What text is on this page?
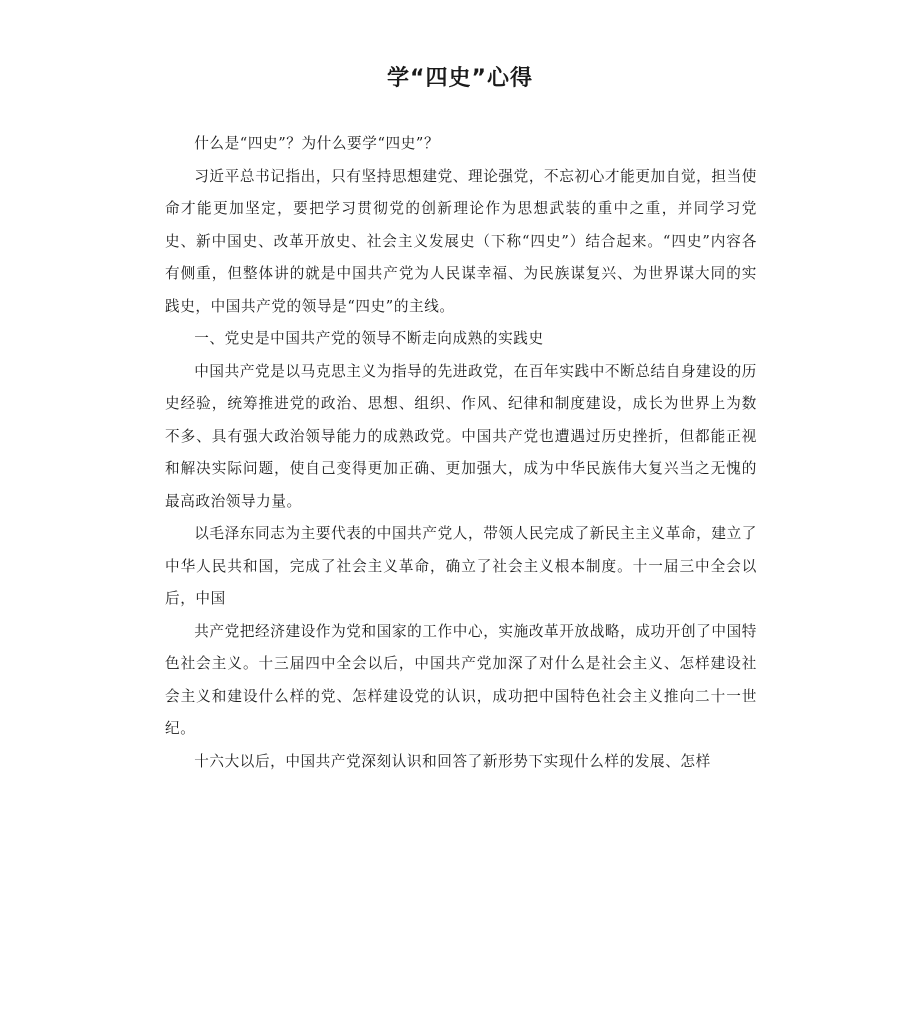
学“四史”心得

什么是“四史”？为什么要学“四史”？

习近平总书记指出，只有坚持思想建党、理论强党，不忘初心才能更加自觉，担当使命才能更加坚定，要把学习贯彻党的创新理论作为思想武装的重中之重，并同学习党史、新中国史、改革开放史、社会主义发展史（下称“四史”）结合起来。“四史”内容各有侧重，但整体讲的就是中国共产党为人民谋幸福、为民族谋复兴、为世界谋大同的实践史，中国共产党的领导是“四史”的主线。

一、党史是中国共产党的领导不断走向成熟的实践史

中国共产党是以马克思主义为指导的先进政党，在百年实践中不断总结自身建设的历史经验，统筹推进党的政治、思想、组织、作风、纪律和制度建设，成长为世界上为数不多、具有强大政治领导能力的成熟政党。中国共产党也遭遇过历史挫折，但都能正视和解决实际问题，使自己变得更加正确、更加强大，成为中华民族伟大复兴当之无愧的最高政治领导力量。

以毛泽东同志为主要代表的中国共产党人，带领人民完成了新民主主义革命，建立了中华人民共和国，完成了社会主义革命，确立了社会主义根本制度。十一届三中全会以后，中国

共产党把经济建设作为党和国家的工作中心，实施改革开放战略，成功开创了中国特色社会主义。十三届四中全会以后，中国共产党加深了对什么是社会主义、怎样建设社会主义和建设什么样的党、怎样建设党的认识，成功把中国特色社会主义推向二十一世纪。

十六大以后，中国共产党深刻认识和回答了新形势下实现什么样的发展、怎样
